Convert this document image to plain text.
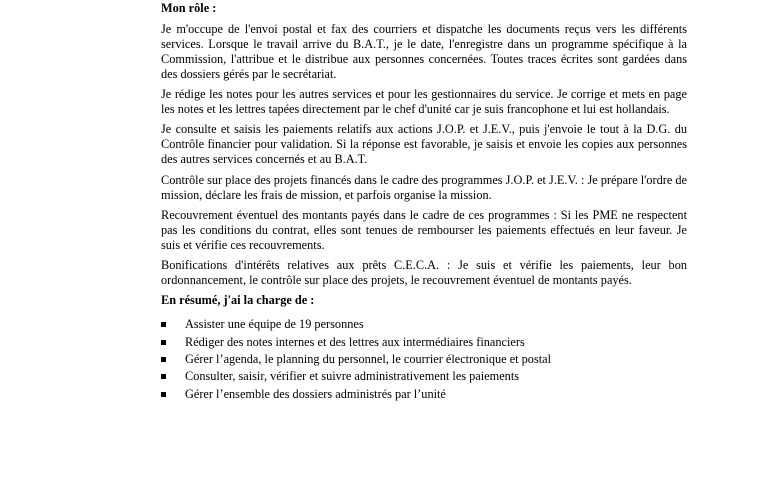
Mon rôle :

Je m'occupe de l'envoi postal et fax des courriers et dispatche les documents reçus vers les différents services. Lorsque le travail arrive du B.A.T., je le date, l'enregistre dans un programme spécifique à la Commission, l'attribue et le distribue aux personnes concernées. Toutes traces écrites sont gardées dans des dossiers gérés par le secrétariat.

Je rédige les notes pour les autres services et pour les gestionnaires du service. Je corrige et mets en page les notes et les lettres tapées directement par le chef d'unité car je suis francophone et lui est hollandais.

Je consulte et saisis les paiements relatifs aux actions J.O.P. et J.E.V., puis j'envoie le tout à la D.G. du Contrôle financier pour validation. Si la réponse est favorable, je saisis et envoie les copies aux personnes des autres services concernés et au B.A.T.

Contrôle sur place des projets financés dans le cadre des programmes J.O.P. et J.E.V. : Je prépare l'ordre de mission, déclare les frais de mission, et parfois organise la mission.

Recouvrement éventuel des montants payés dans le cadre de ces programmes : Si les PME ne respectent pas les conditions du contrat, elles sont tenues de rembourser les paiements effectués en leur faveur. Je suis et vérifie ces recouvrements.

Bonifications d'intérêts relatives aux prêts C.E.C.A. : Je suis et vérifie les paiements, leur bon ordonnancement, le contrôle sur place des projets, le recouvrement éventuel de montants payés.

En résumé, j'ai la charge de :
Assister une équipe de 19 personnes
Rédiger des notes internes et des lettres aux intermédiaires financiers
Gérer l’agenda, le planning du personnel, le courrier électronique et postal
Consulter, saisir, vérifier et suivre administrativement les paiements
Gérer l’ensemble des dossiers administrés par l’unité
